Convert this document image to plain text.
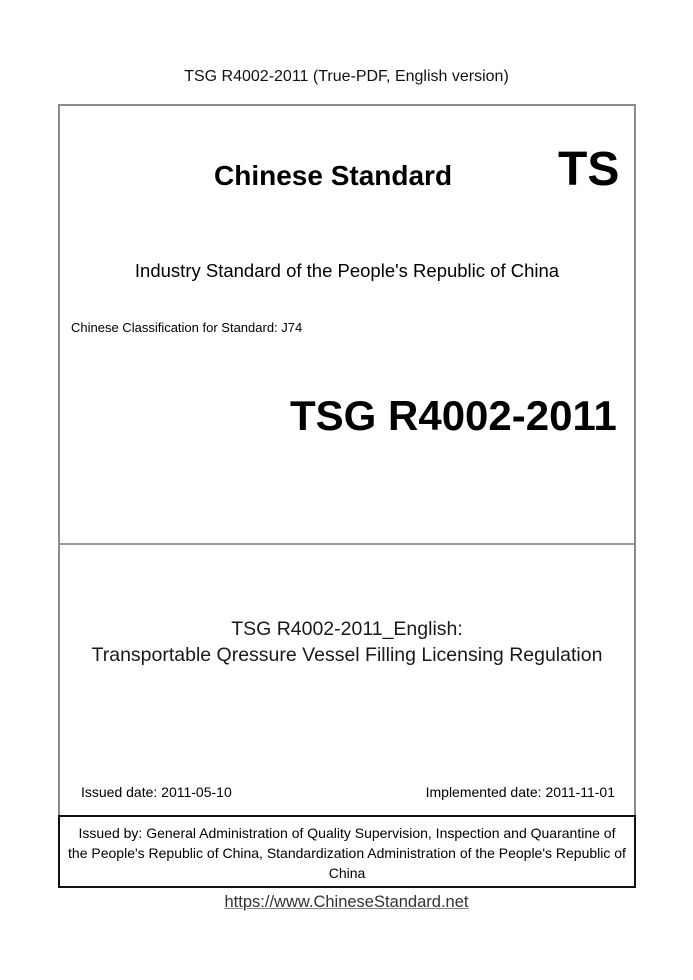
TSG R4002-2011 (True-PDF, English version)
Chinese Standard TS
Industry Standard of the People's Republic of China
Chinese Classification for Standard: J74
TSG R4002-2011
TSG R4002-2011_English:
Transportable Qressure Vessel Filling Licensing Regulation
Issued date: 2011-05-10	Implemented date: 2011-11-01
Issued by: General Administration of Quality Supervision, Inspection and Quarantine of
the People's Republic of China, Standardization Administration of the People's Republic of
China
https://www.ChineseStandard.net
